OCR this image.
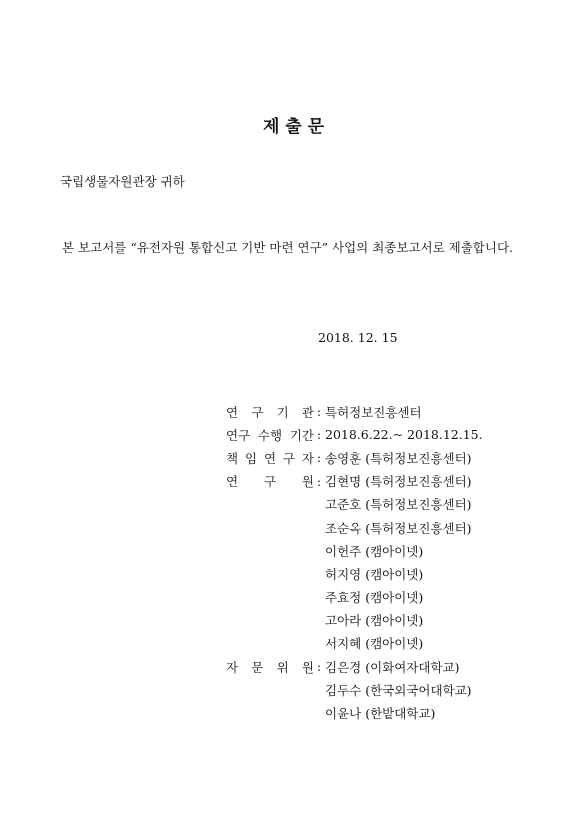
제 출 문
국립생물자원관장 귀하
본 보고서를 “유전자원 통합신고 기반 마련 연구” 사업의 최종보고서로 제출합니다.
2018. 12. 15
연 구 기 관 : 특허정보진흥센터
연구 수행 기간 : 2018.6.22.~ 2018.12.15.
책 임 연 구 자 : 송영훈 (특허정보진흥센터)
연 구 원 : 김현명 (특허정보진흥센터)
고준호 (특허정보진흥센터)
조순옥 (특허정보진흥센터)
이헌주 (캠아이넷)
허지영 (캠아이넷)
주효정 (캠아이넷)
고아라 (캠아이넷)
서지혜 (캠아이넷)
자 문 위 원 : 김은경 (이화여자대학교)
김두수 (한국외국어대학교)
이윤나 (한밭대학교)
